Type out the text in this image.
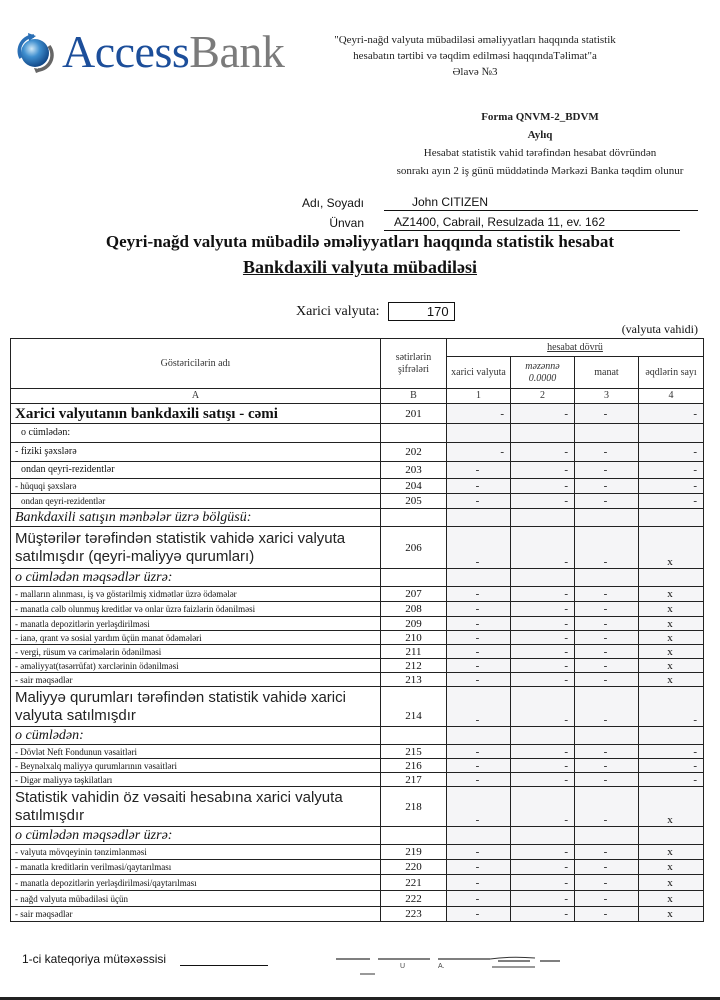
AccessBank	"Qeyri-nağd valyuta mübadiləsi əməliyyatları haqqında statistik
hesabatın tərtibi və təqdim edilməsi haqqındaTəlimat"a
Əlavə №3
Forma QNVM-2_BDVM
Aylıq
Hesabat statistik vahid tərəfindən hesabat dövründən
sonrakı ayın 2 iş günü müddətində Mərkəzi Banka təqdim olunur
Adı, Soyadı	John CITIZEN
Ünvan	AZ1400, Cabrail, Resulzada 11, ev. 162
Qeyri-nağd valyuta mübadilə əməliyyatları haqqında statistik hesabat
Bankdaxili valyuta mübadiləsi
Xarici valyuta:	170
(valyuta vahidi)
Göstəricilərin adı	sətirlərin şifrələri	hesabat dövrü			
		xarici valyuta	məzənnə 0.0000	manat	əqdlərin sayı
A	B	1	2	3	4
Xarici valyutanın bankdaxili satışı - cəmi	201	-	-	-	-
o cümlədən:					
- fiziki şəxslərə	202	-	-	-	-
ondan qeyri-rezidentlər	203	-	-	-	-
- hüquqi şəxslərə	204	-	-	-	-
ondan qeyri-rezidentlər	205	-	-	-	-
Bankdaxili satışın mənbələr üzrə bölgüsü:					
Müştərilər tərəfindən statistik vahidə xarici valyuta satılmışdır (qeyri-maliyyə qurumları)	206	-	-	-	x
o cümlədən məqsədlər üzrə:					
- malların alınması, iş və göstərilmiş xidmətlər üzrə ödəmələr	207	-	-	-	x
- manatla cəlb olunmuş kreditlər və onlar üzrə faizlərin ödənilməsi	208	-	-	-	x
- manatla depozitlərin yerləşdirilməsi	209	-	-	-	x
- ianə, qrant və sosial yardım üçün manat ödəmələri	210	-	-	-	x
- vergi, rüsum və cərimələrin ödənilməsi	211	-	-	-	x
- əməliyyat(təsərrüfat) xərclərinin ödənilməsi	212	-	-	-	x
- sair məqsədlər	213	-	-	-	x
Maliyyə qurumları tərəfindən statistik vahidə xarici valyuta satılmışdır	214	-	-	-	-
o cümlədən:					
- Dövlət Neft Fondunun vəsaitləri	215	-	-	-	-
- Beynəlxalq maliyyə qurumlarının vəsaitləri	216	-	-	-	-
- Digər maliyyə təşkilatları	217	-	-	-	-
Statistik vahidin öz vəsaiti hesabına xarici valyuta satılmışdır	218	-	-	-	x
o cümlədən məqsədlər üzrə:					
- valyuta mövqeyinin tənzimlənməsi	219	-	-	-	x
- manatla kreditlərin verilməsi/qaytarılması	220	-	-	-	x
- manatla depozitlərin yerləşdirilməsi/qaytarılması	221	-	-	-	x
- nağd valyuta mübadiləsi üçün	222	-	-	-	x
- sair məqsədlər	223	-	-	-	x
1-ci kateqoriya mütəxəssisi
U	A.
